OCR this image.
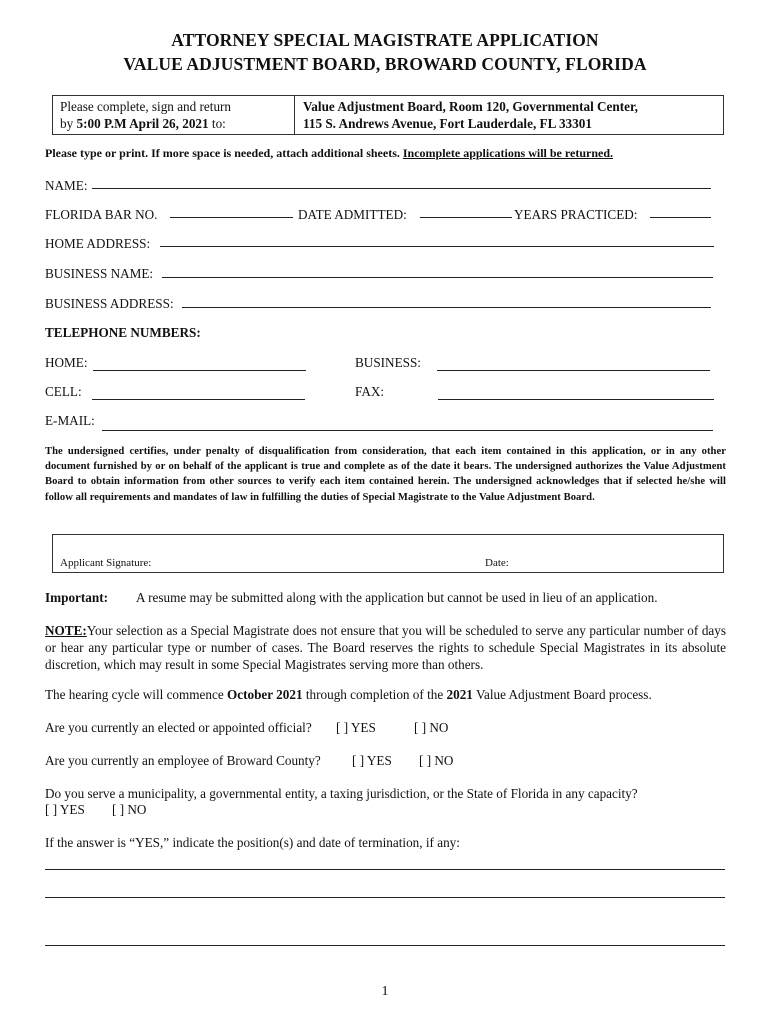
ATTORNEY SPECIAL MAGISTRATE APPLICATION
VALUE ADJUSTMENT BOARD, BROWARD COUNTY, FLORIDA
Please complete, sign and return
by 5:00 P.M April 26, 2021 to:
Value Adjustment Board, Room 120, Governmental Center,
115 S. Andrews Avenue, Fort Lauderdale, FL 33301
Please type or print. If more space is needed, attach additional sheets. Incomplete applications will be returned.
NAME:
FLORIDA BAR NO.	DATE ADMITTED:	YEARS PRACTICED:
HOME ADDRESS:
BUSINESS NAME:
BUSINESS ADDRESS:
TELEPHONE NUMBERS:
HOME:	BUSINESS:
CELL:	FAX:
E-MAIL:
The undersigned certifies, under penalty of disqualification from consideration, that each item contained in this application, or in any other document furnished by or on behalf of the applicant is true and complete as of the date it bears. The undersigned authorizes the Value Adjustment Board to obtain information from other sources to verify each item contained herein. The undersigned acknowledges that if selected he/she will follow all requirements and mandates of law in fulfilling the duties of Special Magistrate to the Value Adjustment Board.
Applicant Signature:	Date:
Important: A resume may be submitted along with the application but cannot be used in lieu of an application.
NOTE:Your selection as a Special Magistrate does not ensure that you will be scheduled to serve any particular number of days or hear any particular type or number of cases. The Board reserves the rights to schedule Special Magistrates in its absolute discretion, which may result in some Special Magistrates serving more than others.
The hearing cycle will commence October 2021 through completion of the 2021 Value Adjustment Board process.
Are you currently an elected or appointed official? [ ] YES	[ ] NO
Are you currently an employee of Broward County? [ ] YES [ ] NO
Do you serve a municipality, a governmental entity, a taxing jurisdiction, or the State of Florida in any capacity?
[ ] YES [ ] NO
If the answer is “YES,” indicate the position(s) and date of termination, if any:
1
